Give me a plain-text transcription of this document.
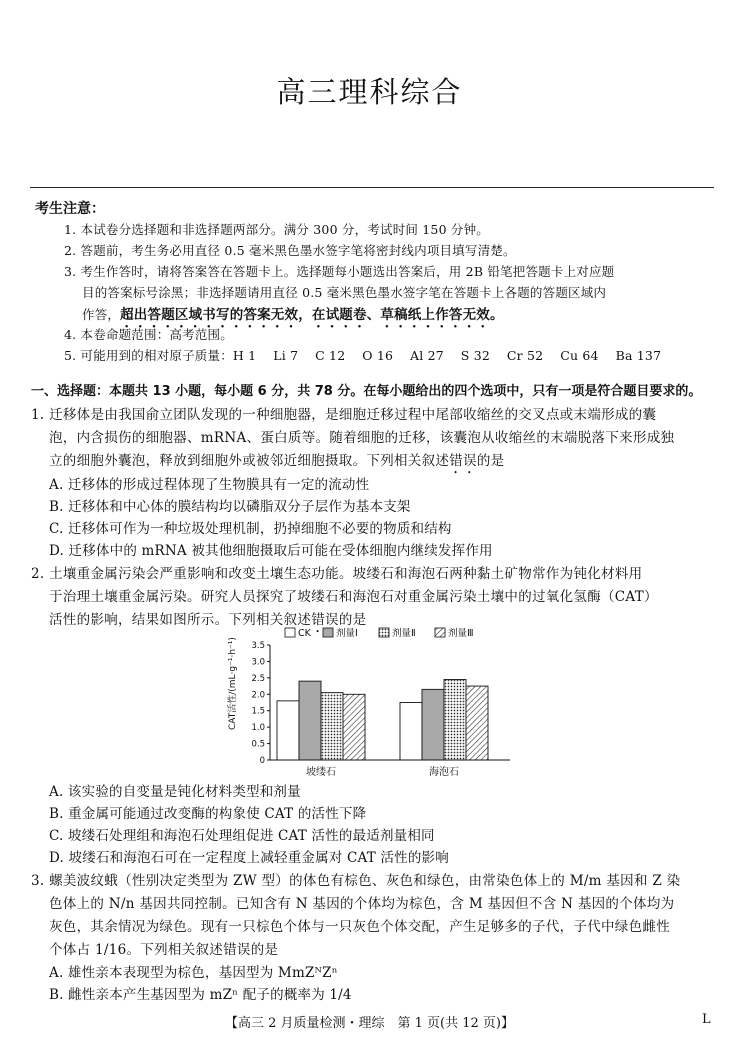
高三理科综合
考生注意：
1. 本试卷分选择题和非选择题两部分。满分 300 分，考试时间 150 分钟。
2. 答题前，考生务必用直径 0.5 毫米黑色墨水签字笔将密封线内项目填写清楚。
3. 考生作答时，请将答案答在答题卡上。选择题每小题选出答案后，用 2B 铅笔把答题卡上对应题
目的答案标号涂黑；非选择题请用直径 0.5 毫米黑色墨水签字笔在答题卡上各题的答题区域内
作答，超出答题区域书写的答案无效，在试题卷、草稿纸上作答无效。
4. 本卷命题范围：高考范围。
5. 可能用到的相对原子质量：H 1　 Li 7　 C 12　 O 16　 Al 27　 S 32　 Cr 52　 Cu 64　 Ba 137
一、选择题：本题共 13 小题，每小题 6 分，共 78 分。在每小题给出的四个选项中，只有一项是符合题目要求的。
1. 迁移体是由我国俞立团队发现的一种细胞器，是细胞迁移过程中尾部收缩丝的交叉点或末端形成的囊
泡，内含损伤的细胞器、mRNA、蛋白质等。随着细胞的迁移，该囊泡从收缩丝的末端脱落下来形成独
立的细胞外囊泡，释放到细胞外或被邻近细胞摄取。下列相关叙述错误的是
A. 迁移体的形成过程体现了生物膜具有一定的流动性
B. 迁移体和中心体的膜结构均以磷脂双分子层作为基本支架
C. 迁移体可作为一种垃圾处理机制，扔掉细胞不必要的物质和结构
D. 迁移体中的 mRNA 被其他细胞摄取后可能在受体细胞内继续发挥作用
2. 土壤重金属污染会严重影响和改变土壤生态功能。坡缕石和海泡石两种黏土矿物常作为钝化材料用
于治理土壤重金属污染。研究人员探究了坡缕石和海泡石对重金属污染土壤中的过氧化氢酶（CAT）
活性的影响，结果如图所示。下列相关叙述错误的是
CK	剂量Ⅰ	剂量Ⅱ	剂量Ⅲ
CAT活性/(mL·g⁻¹·h⁻¹)
0
0.5
1.0
1.5
2.0
2.5
3.0
3.5
坡缕石	海泡石
A. 该实验的自变量是钝化材料类型和剂量
B. 重金属可能通过改变酶的构象使 CAT 的活性下降
C. 坡缕石处理组和海泡石处理组促进 CAT 活性的最适剂量相同
D. 坡缕石和海泡石可在一定程度上减轻重金属对 CAT 活性的影响
3. 螺美波纹蛾（性别决定类型为 ZW 型）的体色有棕色、灰色和绿色，由常染色体上的 M/m 基因和 Z 染
色体上的 N/n 基因共同控制。已知含有 N 基因的个体均为棕色，含 M 基因但不含 N 基因的个体均为
灰色，其余情况为绿色。现有一只棕色个体与一只灰色个体交配，产生足够多的子代，子代中绿色雌性
个体占 1/16。下列相关叙述错误的是
A. 雄性亲本表现型为棕色，基因型为 MmZᴺZⁿ
B. 雌性亲本产生基因型为 mZⁿ 配子的概率为 1/4
【高三 2 月质量检测・理综　第 1 页(共 12 页)】	L
